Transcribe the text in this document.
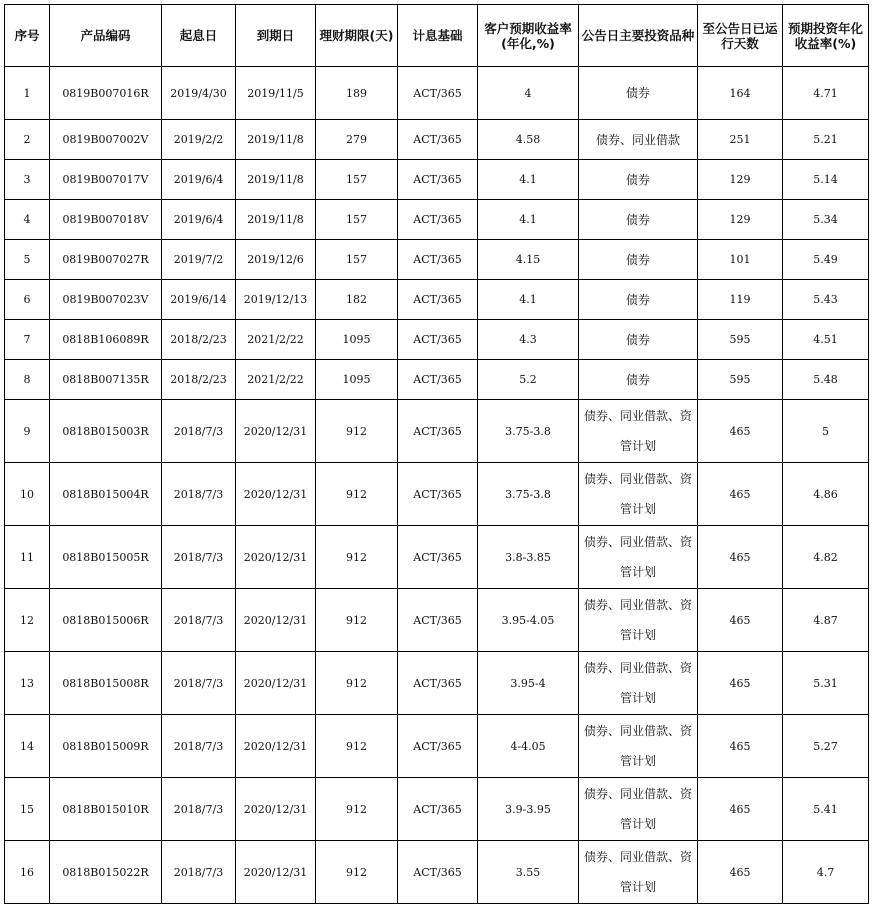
序号	产品编码	起息日	到期日	理财期限(天)	计息基础	客户预期收益率(年化,%)	公告日主要投资品种	至公告日已运行天数	预期投资年化收益率(%)
1	0819B007016R	2019/4/30	2019/11/5	189	ACT/365	4	债券	164	4.71
2	0819B007002V	2019/2/2	2019/11/8	279	ACT/365	4.58	债券、同业借款	251	5.21
3	0819B007017V	2019/6/4	2019/11/8	157	ACT/365	4.1	债券	129	5.14
4	0819B007018V	2019/6/4	2019/11/8	157	ACT/365	4.1	债券	129	5.34
5	0819B007027R	2019/7/2	2019/12/6	157	ACT/365	4.15	债券	101	5.49
6	0819B007023V	2019/6/14	2019/12/13	182	ACT/365	4.1	债券	119	5.43
7	0818B106089R	2018/2/23	2021/2/22	1095	ACT/365	4.3	债券	595	4.51
8	0818B007135R	2018/2/23	2021/2/22	1095	ACT/365	5.2	债券	595	5.48
9	0818B015003R	2018/7/3	2020/12/31	912	ACT/365	3.75-3.8	债券、同业借款、资管计划	465	5
10	0818B015004R	2018/7/3	2020/12/31	912	ACT/365	3.75-3.8	债券、同业借款、资管计划	465	4.86
11	0818B015005R	2018/7/3	2020/12/31	912	ACT/365	3.8-3.85	债券、同业借款、资管计划	465	4.82
12	0818B015006R	2018/7/3	2020/12/31	912	ACT/365	3.95-4.05	债券、同业借款、资管计划	465	4.87
13	0818B015008R	2018/7/3	2020/12/31	912	ACT/365	3.95-4	债券、同业借款、资管计划	465	5.31
14	0818B015009R	2018/7/3	2020/12/31	912	ACT/365	4-4.05	债券、同业借款、资管计划	465	5.27
15	0818B015010R	2018/7/3	2020/12/31	912	ACT/365	3.9-3.95	债券、同业借款、资管计划	465	5.41
16	0818B015022R	2018/7/3	2020/12/31	912	ACT/365	3.55	债券、同业借款、资管计划	465	4.7
